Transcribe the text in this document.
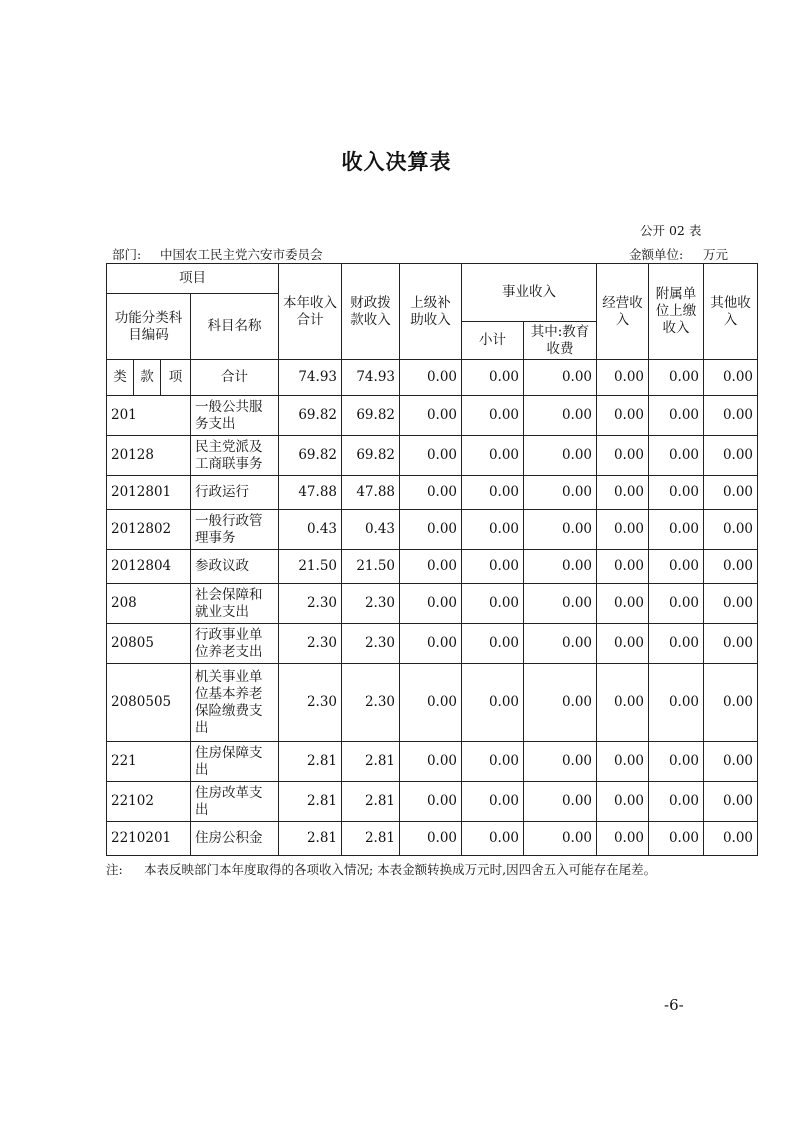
收入决算表
公开 02 表
部门: 中国农工民主党六安市委员会	金额单位: 万元
项目				本年收入合计	财政拨款收入	上级补助收入	事业收入		经营收入	附属单位上缴收入	其他收入
功能分类科目编码			科目名称								
							小计	其中:教育收费			
类	款	项	合计	74.93	74.93	0.00	0.00	0.00	0.00	0.00	0.00
201			一般公共服务支出	69.82	69.82	0.00	0.00	0.00	0.00	0.00	0.00
20128			民主党派及工商联事务	69.82	69.82	0.00	0.00	0.00	0.00	0.00	0.00
2012801			行政运行	47.88	47.88	0.00	0.00	0.00	0.00	0.00	0.00
2012802			一般行政管理事务	0.43	0.43	0.00	0.00	0.00	0.00	0.00	0.00
2012804			参政议政	21.50	21.50	0.00	0.00	0.00	0.00	0.00	0.00
208			社会保障和就业支出	2.30	2.30	0.00	0.00	0.00	0.00	0.00	0.00
20805			行政事业单位养老支出	2.30	2.30	0.00	0.00	0.00	0.00	0.00	0.00
2080505			机关事业单位基本养老保险缴费支出	2.30	2.30	0.00	0.00	0.00	0.00	0.00	0.00
221			住房保障支出	2.81	2.81	0.00	0.00	0.00	0.00	0.00	0.00
22102			住房改革支出	2.81	2.81	0.00	0.00	0.00	0.00	0.00	0.00
2210201			住房公积金	2.81	2.81	0.00	0.00	0.00	0.00	0.00	0.00
注: 本表反映部门本年度取得的各项收入情况; 本表金额转换成万元时,因四舍五入可能存在尾差。
-6-
